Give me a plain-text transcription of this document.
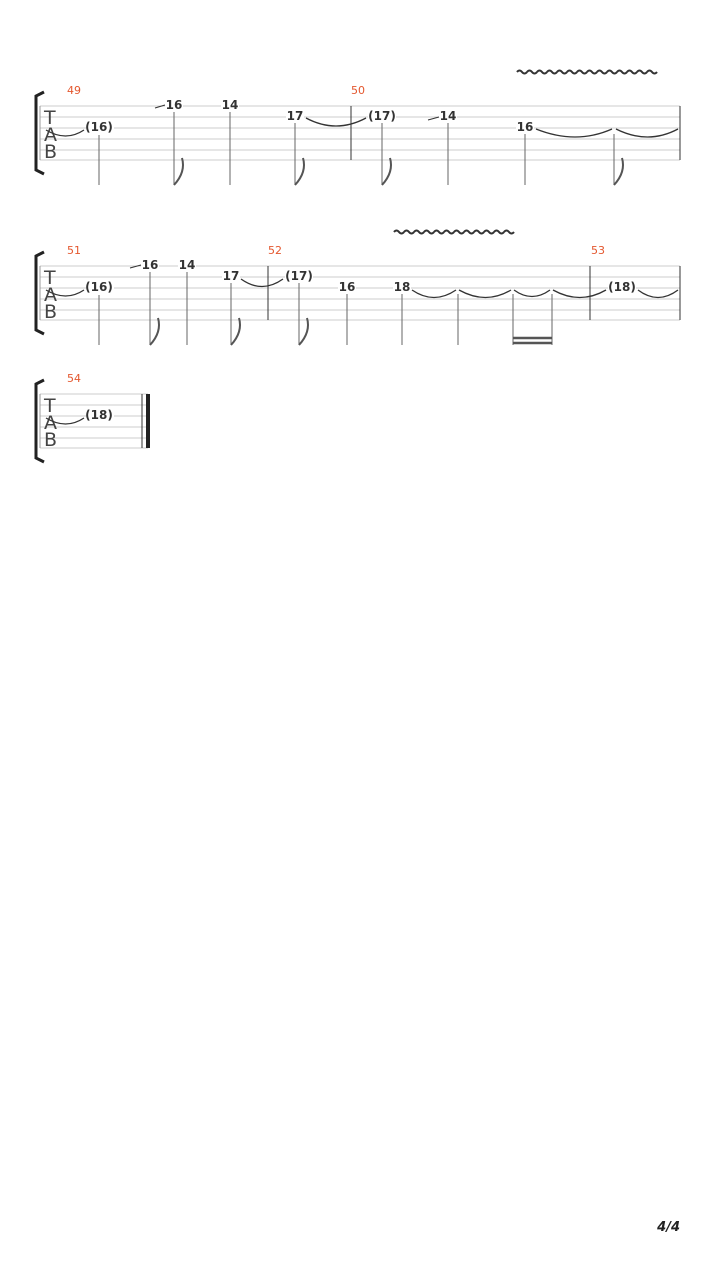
T
A
B
49	50
(16)
16	14
17	(17)	14
16
T
A
B
51	52	53
(16)
16 14
17	(17)
16	18	(18)
T
A
B
54
(18)
4/4
